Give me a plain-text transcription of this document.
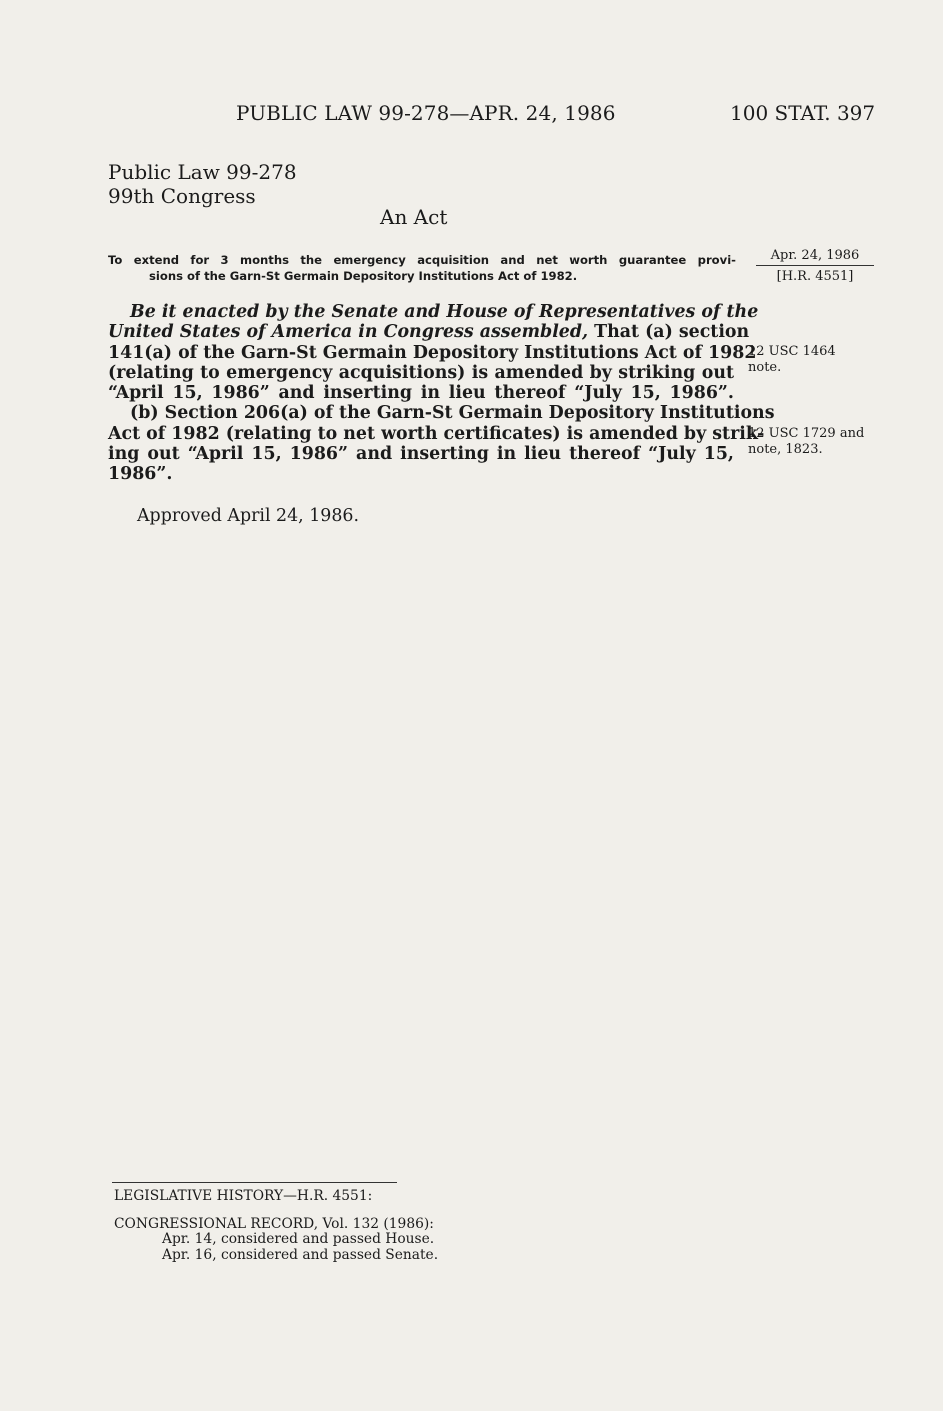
PUBLIC LAW 99-278—APR. 24, 1986	100 STAT. 397
Public Law 99-278
99th Congress
An Act
To extend for 3 months the emergency acquisition and net worth guarantee provi-
sions of the Garn-St Germain Depository Institutions Act of 1982.
Apr. 24, 1986
[H.R. 4551]
Be it enacted by the Senate and House of Representatives of the
United States of America in Congress assembled, That (a) section
141(a) of the Garn-St Germain Depository Institutions Act of 1982
(relating to emergency acquisitions) is amended by striking out
“April 15, 1986” and inserting in lieu thereof “July 15, 1986”.
(b) Section 206(a) of the Garn-St Germain Depository Institutions
Act of 1982 (relating to net worth certificates) is amended by strik-
ing out “April 15, 1986” and inserting in lieu thereof “July 15,
1986”.
12 USC 1464
note.
12 USC 1729 and
note, 1823.
Approved April 24, 1986.
LEGISLATIVE HISTORY—H.R. 4551:
CONGRESSIONAL RECORD, Vol. 132 (1986):
Apr. 14, considered and passed House.
Apr. 16, considered and passed Senate.
